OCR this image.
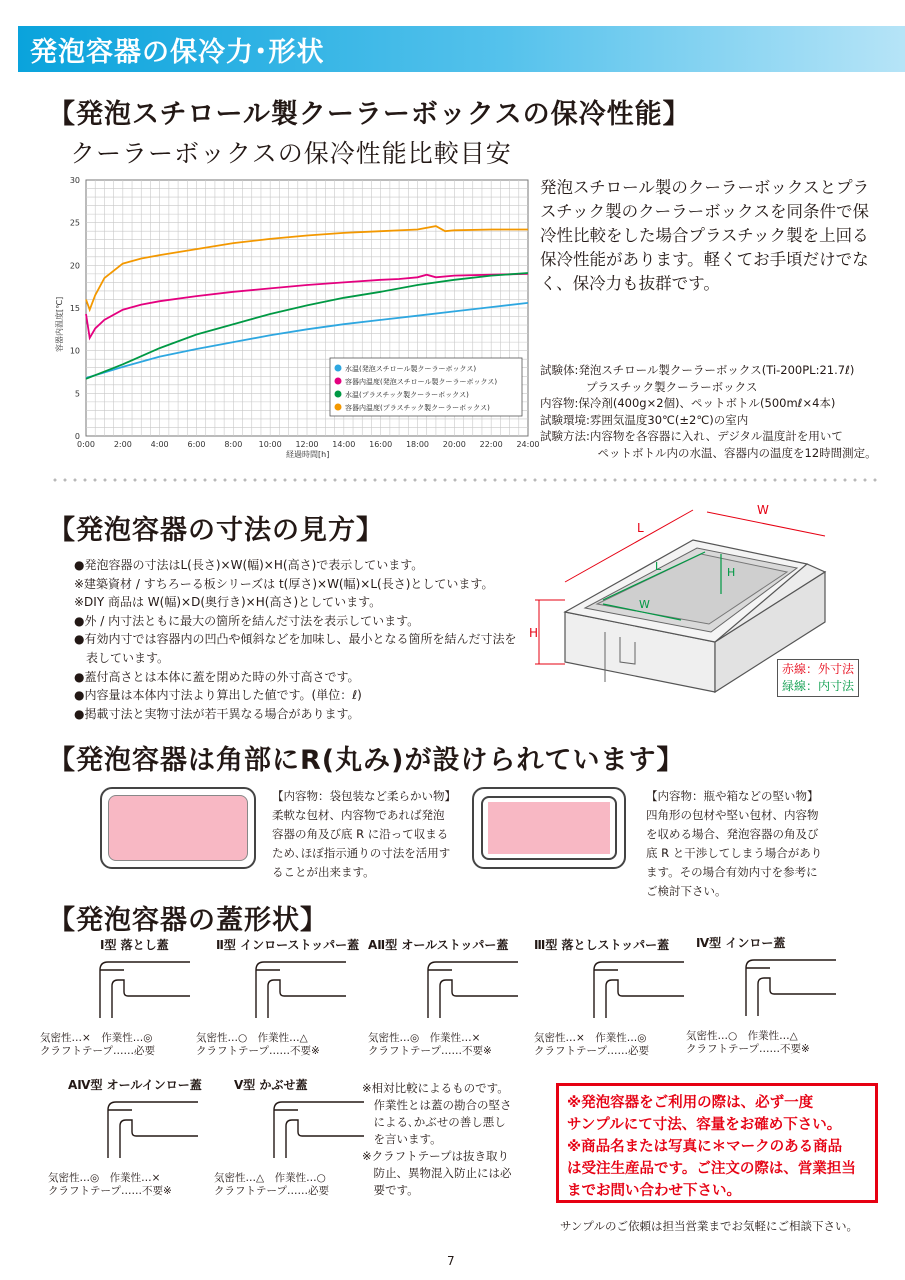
発泡容器の保冷力･形状
【発泡スチロール製クーラーボックスの保冷性能】
クーラーボックスの保冷性能比較目安
0
5
10
15
20
25
30
0:00 2:00 4:00 6:00 8:00 10:00 12:00 14:00 16:00 18:00 20:00 22:00 24:00
容器内温度[℃]
経過時間[h]
水温(発泡スチロール製クーラーボックス)
容器内温度(発泡スチロール製クーラーボックス)
水温(プラスチック製クーラーボックス)
容器内温度(プラスチック製クーラーボックス)
発泡スチロール製のクーラーボックスとプラスチック製のクーラーボックスを同条件で保冷性比較をした場合プラスチック製を上回る保冷性能があります。軽くてお手頃だけでなく、保冷力も抜群です。
試験体:発泡スチロール製クーラーボックス(Ti-200PL:21.7ℓ)
　　　　プラスチック製クーラーボックス
内容物:保冷剤(400g×2個)、ペットボトル(500mℓ×4本)
試験環境:雰囲気温度30℃(±2℃)の室内
試験方法:内容物を各容器に入れ、デジタル温度計を用いて
　　　　　ペットボトル内の水温、容器内の温度を12時間測定。
【発泡容器の寸法の見方】
●発泡容器の寸法はL(長さ)×W(幅)×H(高さ)で表示しています。
※建築資材 / すちろーる板シリーズは t(厚さ)×W(幅)×L(長さ)としています。
※DIY 商品は W(幅)×D(奥行き)×H(高さ)としています。
●外 / 内寸法ともに最大の箇所を結んだ寸法を表示しています。
●有効内寸では容器内の凹凸や傾斜などを加味し、最小となる箇所を結んだ寸法を
　表しています。
●蓋付高さとは本体に蓋を閉めた時の外寸高さです。
●内容量は本体内寸法より算出した値です。(単位：ℓ)
●掲載寸法と実物寸法が若干異なる場合があります。
L
W
H
L
W
H
赤線：外寸法
緑線：内寸法
【発泡容器は角部にR(丸み)が設けられています】
【内容物：袋包装など柔らかい物】
柔軟な包材、内容物であれば発泡
容器の角及び底 R に沿って収まる
ため､ほぼ指示通りの寸法を活用す
ることが出来ます。
【内容物：瓶や箱などの堅い物】
四角形の包材や堅い包材、内容物
を収める場合、発泡容器の角及び
底 R と干渉してしまう場合があり
ます。その場合有効内寸を参考に
ご検討下さい。
【発泡容器の蓋形状】
Ⅰ型 落とし蓋
気密性…×　作業性…◎
クラフトテープ……必要
Ⅱ型 インローストッパー蓋
気密性…○　作業性…△
クラフトテープ……不要※
AⅡ型 オールストッパー蓋
気密性…◎　作業性…×
クラフトテープ……不要※
Ⅲ型 落としストッパー蓋
気密性…×　作業性…◎
クラフトテープ……必要
Ⅳ型 インロー蓋
気密性…○　作業性…△
クラフトテープ……不要※
AⅣ型 オールインロー蓋
気密性…◎　作業性…×
クラフトテープ……不要※
Ⅴ型 かぶせ蓋
気密性…△　作業性…○
クラフトテープ……必要
※相対比較によるものです。
　作業性とは蓋の勘合の堅さ
　による､かぶせの善し悪し
　を言います。
※クラフトテープは抜き取り
　防止、異物混入防止には必
　要です。
※発泡容器をご利用の際は、必ず一度
サンプルにて寸法、容量をお確め下さい。
※商品名または写真に＊マークのある商品
は受注生産品です。ご注文の際は、営業担当
までお問い合わせ下さい。
サンプルのご依頼は担当営業までお気軽にご相談下さい。
7
